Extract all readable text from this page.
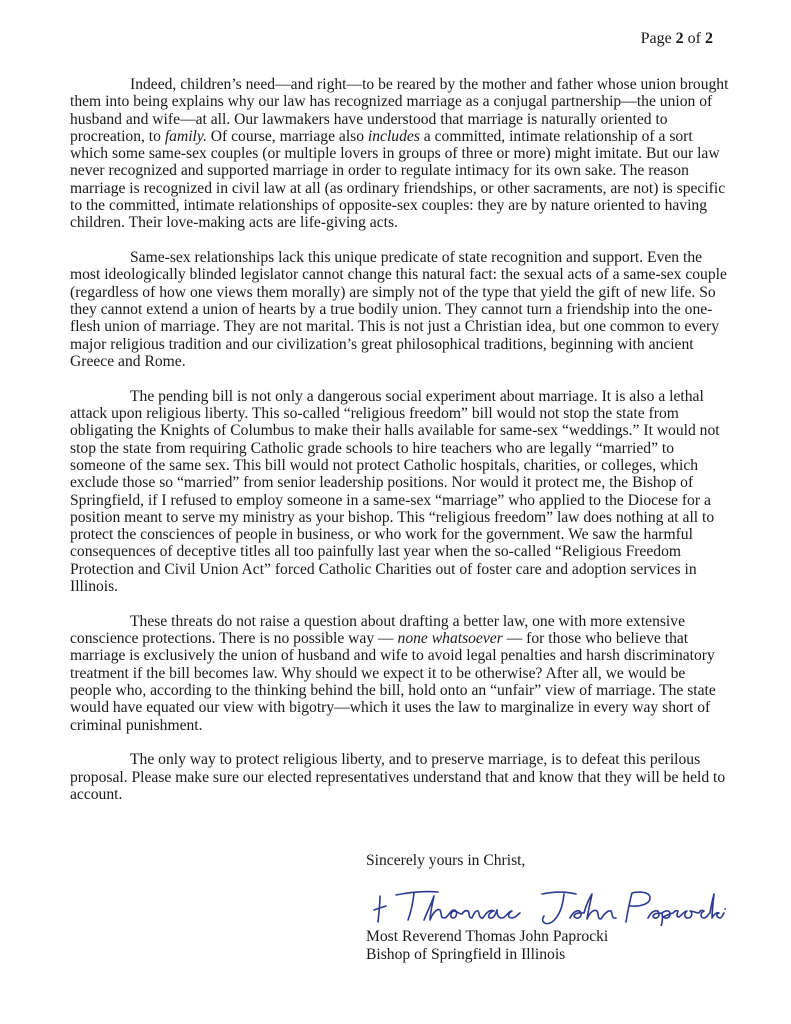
Page 2 of 2

Indeed, children’s need—and right—to be reared by the mother and father whose union brought them into being explains why our law has recognized marriage as a conjugal partnership—the union of husband and wife—at all. Our lawmakers have understood that marriage is naturally oriented to procreation, to family. Of course, marriage also includes a committed, intimate relationship of a sort which some same-sex couples (or multiple lovers in groups of three or more) might imitate. But our law never recognized and supported marriage in order to regulate intimacy for its own sake. The reason marriage is recognized in civil law at all (as ordinary friendships, or other sacraments, are not) is specific to the committed, intimate relationships of opposite-sex couples: they are by nature oriented to having children. Their love-making acts are life-giving acts.

Same-sex relationships lack this unique predicate of state recognition and support. Even the most ideologically blinded legislator cannot change this natural fact: the sexual acts of a same-sex couple (regardless of how one views them morally) are simply not of the type that yield the gift of new life. So they cannot extend a union of hearts by a true bodily union. They cannot turn a friendship into the one-flesh union of marriage. They are not marital. This is not just a Christian idea, but one common to every major religious tradition and our civilization’s great philosophical traditions, beginning with ancient Greece and Rome.

The pending bill is not only a dangerous social experiment about marriage. It is also a lethal attack upon religious liberty. This so-called “religious freedom” bill would not stop the state from obligating the Knights of Columbus to make their halls available for same-sex “weddings.” It would not stop the state from requiring Catholic grade schools to hire teachers who are legally “married” to someone of the same sex. This bill would not protect Catholic hospitals, charities, or colleges, which exclude those so “married” from senior leadership positions. Nor would it protect me, the Bishop of Springfield, if I refused to employ someone in a same-sex “marriage” who applied to the Diocese for a position meant to serve my ministry as your bishop. This “religious freedom” law does nothing at all to protect the consciences of people in business, or who work for the government. We saw the harmful consequences of deceptive titles all too painfully last year when the so-called “Religious Freedom Protection and Civil Union Act” forced Catholic Charities out of foster care and adoption services in Illinois.

These threats do not raise a question about drafting a better law, one with more extensive conscience protections. There is no possible way — none whatsoever — for those who believe that marriage is exclusively the union of husband and wife to avoid legal penalties and harsh discriminatory treatment if the bill becomes law. Why should we expect it to be otherwise? After all, we would be people who, according to the thinking behind the bill, hold onto an “unfair” view of marriage. The state would have equated our view with bigotry—which it uses the law to marginalize in every way short of criminal punishment.

The only way to protect religious liberty, and to preserve marriage, is to defeat this perilous proposal. Please make sure our elected representatives understand that and know that they will be held to account.

Sincerely yours in Christ,
Most Reverend Thomas John Paprocki
Bishop of Springfield in Illinois
